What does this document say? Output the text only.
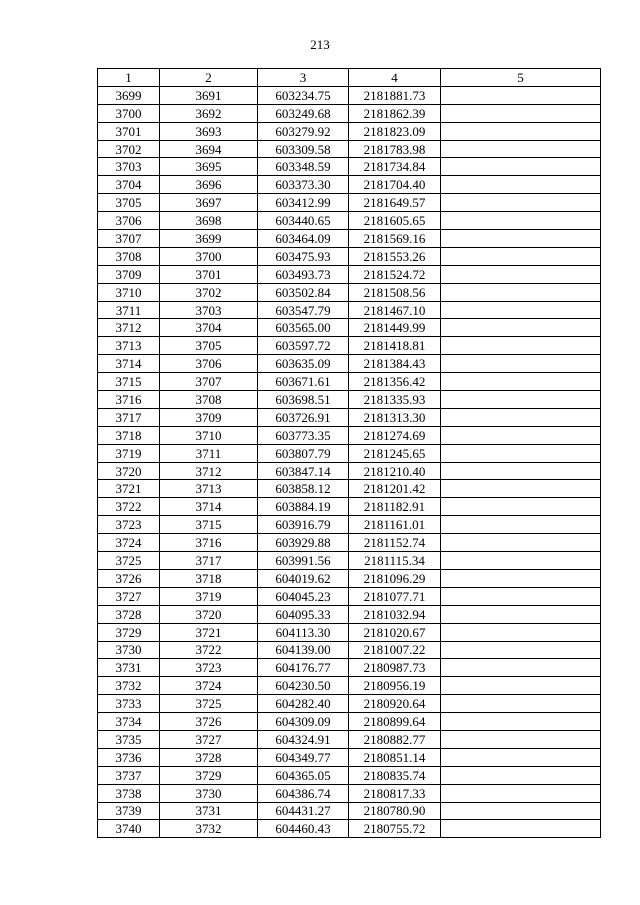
213
1	2	3	4	5
3699	3691	603234.75	2181881.73	
3700	3692	603249.68	2181862.39	
3701	3693	603279.92	2181823.09	
3702	3694	603309.58	2181783.98	
3703	3695	603348.59	2181734.84	
3704	3696	603373.30	2181704.40	
3705	3697	603412.99	2181649.57	
3706	3698	603440.65	2181605.65	
3707	3699	603464.09	2181569.16	
3708	3700	603475.93	2181553.26	
3709	3701	603493.73	2181524.72	
3710	3702	603502.84	2181508.56	
3711	3703	603547.79	2181467.10	
3712	3704	603565.00	2181449.99	
3713	3705	603597.72	2181418.81	
3714	3706	603635.09	2181384.43	
3715	3707	603671.61	2181356.42	
3716	3708	603698.51	2181335.93	
3717	3709	603726.91	2181313.30	
3718	3710	603773.35	2181274.69	
3719	3711	603807.79	2181245.65	
3720	3712	603847.14	2181210.40	
3721	3713	603858.12	2181201.42	
3722	3714	603884.19	2181182.91	
3723	3715	603916.79	2181161.01	
3724	3716	603929.88	2181152.74	
3725	3717	603991.56	2181115.34	
3726	3718	604019.62	2181096.29	
3727	3719	604045.23	2181077.71	
3728	3720	604095.33	2181032.94	
3729	3721	604113.30	2181020.67	
3730	3722	604139.00	2181007.22	
3731	3723	604176.77	2180987.73	
3732	3724	604230.50	2180956.19	
3733	3725	604282.40	2180920.64	
3734	3726	604309.09	2180899.64	
3735	3727	604324.91	2180882.77	
3736	3728	604349.77	2180851.14	
3737	3729	604365.05	2180835.74	
3738	3730	604386.74	2180817.33	
3739	3731	604431.27	2180780.90	
3740	3732	604460.43	2180755.72	
